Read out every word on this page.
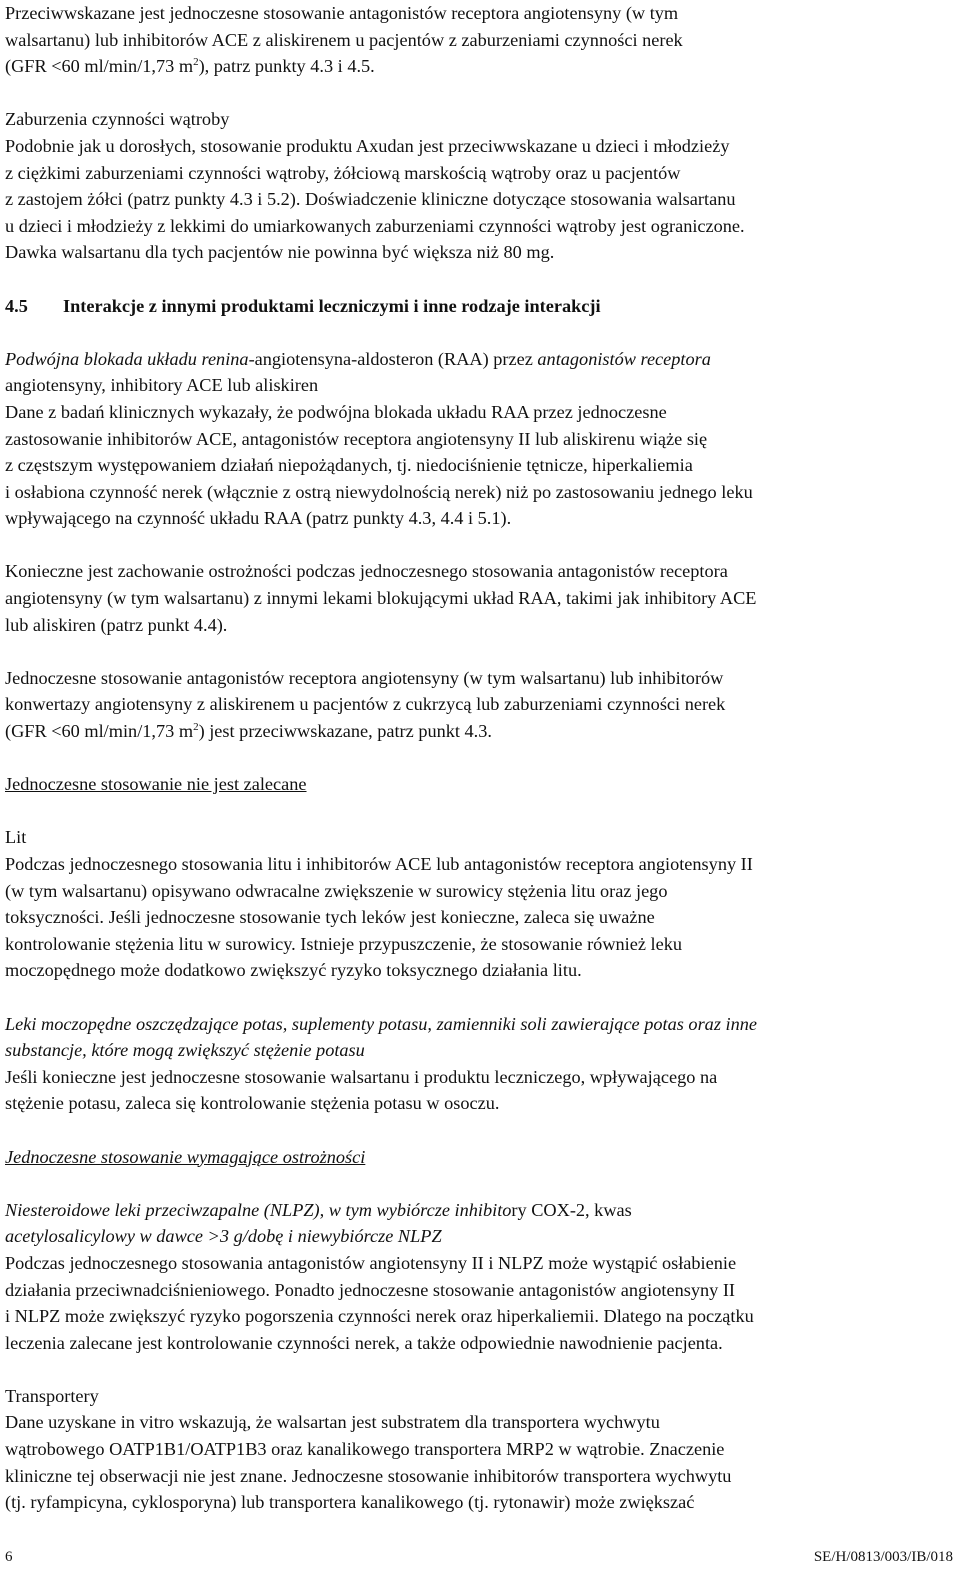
Przeciwwskazane jest jednoczesne stosowanie antagonistów receptora angiotensyny (w tym
walsartanu) lub inhibitorów ACE z aliskirenem u pacjentów z zaburzeniami czynności nerek
(GFR <60 ml/min/1,73 $m^2$), patrz punkty 4.3 i 4.5.
Zaburzenia czynności wątroby
Podobnie jak u dorosłych, stosowanie produktu Axudan jest przeciwwskazane u dzieci i młodzieży
z ciężkimi zaburzeniami czynności wątroby, żółciową marskością wątroby oraz u pacjentów
z zastojem żółci (patrz punkty 4.3 i 5.2). Doświadczenie kliniczne dotyczące stosowania walsartanu
u dzieci i młodzieży z lekkimi do umiarkowanych zaburzeniami czynności wątroby jest ograniczone.
Dawka walsartanu dla tych pacjentów nie powinna być większa niż 80 mg.
4.5 Interakcje z innymi produktami leczniczymi i inne rodzaje interakcji
Podwójna blokada układu renina-angiotensyna-aldosteron (RAA) przez antagonistów receptora
angiotensyny, inhibitory ACE lub aliskiren
Dane z badań klinicznych wykazały, że podwójna blokada układu RAA przez jednoczesne
zastosowanie inhibitorów ACE, antagonistów receptora angiotensyny II lub aliskirenu wiąże się
z częstszym występowaniem działań niepożądanych, tj. niedociśnienie tętnicze, hiperkaliemia
i osłabiona czynność nerek (włącznie z ostrą niewydolnością nerek) niż po zastosowaniu jednego leku
wpływającego na czynność układu RAA (patrz punkty 4.3, 4.4 i 5.1).
Konieczne jest zachowanie ostrożności podczas jednoczesnego stosowania antagonistów receptora
angiotensyny (w tym walsartanu) z innymi lekami blokującymi układ RAA, takimi jak inhibitory ACE
lub aliskiren (patrz punkt 4.4).
Jednoczesne stosowanie antagonistów receptora angiotensyny (w tym walsartanu) lub inhibitorów
konwertazy angiotensyny z aliskirenem u pacjentów z cukrzycą lub zaburzeniami czynności nerek
(GFR <60 ml/min/1,73 $m^2$) jest przeciwwskazane, patrz punkt 4.3.
Jednoczesne stosowanie nie jest zalecane
Lit
Podczas jednoczesnego stosowania litu i inhibitorów ACE lub antagonistów receptora angiotensyny II
(w tym walsartanu) opisywano odwracalne zwiększenie w surowicy stężenia litu oraz jego
toksyczności. Jeśli jednoczesne stosowanie tych leków jest konieczne, zaleca się uważne
kontrolowanie stężenia litu w surowicy. Istnieje przypuszczenie, że stosowanie również leku
moczopędnego może dodatkowo zwiększyć ryzyko toksycznego działania litu.
Leki moczopędne oszczędzające potas, suplementy potasu, zamienniki soli zawierające potas oraz inne
substancje, które mogą zwiększyć stężenie potasu
Jeśli konieczne jest jednoczesne stosowanie walsartanu i produktu leczniczego, wpływającego na
stężenie potasu, zaleca się kontrolowanie stężenia potasu w osoczu.
Jednoczesne stosowanie wymagające ostrożności
Niesteroidowe leki przeciwzapalne (NLPZ), w tym wybiórcze inhibitory COX-2, kwas
acetylosalicylowy w dawce >3 g/dobę i niewybiórcze NLPZ
Podczas jednoczesnego stosowania antagonistów angiotensyny II i NLPZ może wystąpić osłabienie
działania przeciwnadciśnieniowego. Ponadto jednoczesne stosowanie antagonistów angiotensyny II
i NLPZ może zwiększyć ryzyko pogorszenia czynności nerek oraz hiperkaliemii. Dlatego na początku
leczenia zalecane jest kontrolowanie czynności nerek, a także odpowiednie nawodnienie pacjenta.
Transportery
Dane uzyskane in vitro wskazują, że walsartan jest substratem dla transportera wychwytu
wątrobowego OATP1B1/OATP1B3 oraz kanalikowego transportera MRP2 w wątrobie. Znaczenie
kliniczne tej obserwacji nie jest znane. Jednoczesne stosowanie inhibitorów transportera wychwytu
(tj. ryfampicyna, cyklosporyna) lub transportera kanalikowego (tj. rytonawir) może zwiększać
6	SE/H/0813/003/IB/018
